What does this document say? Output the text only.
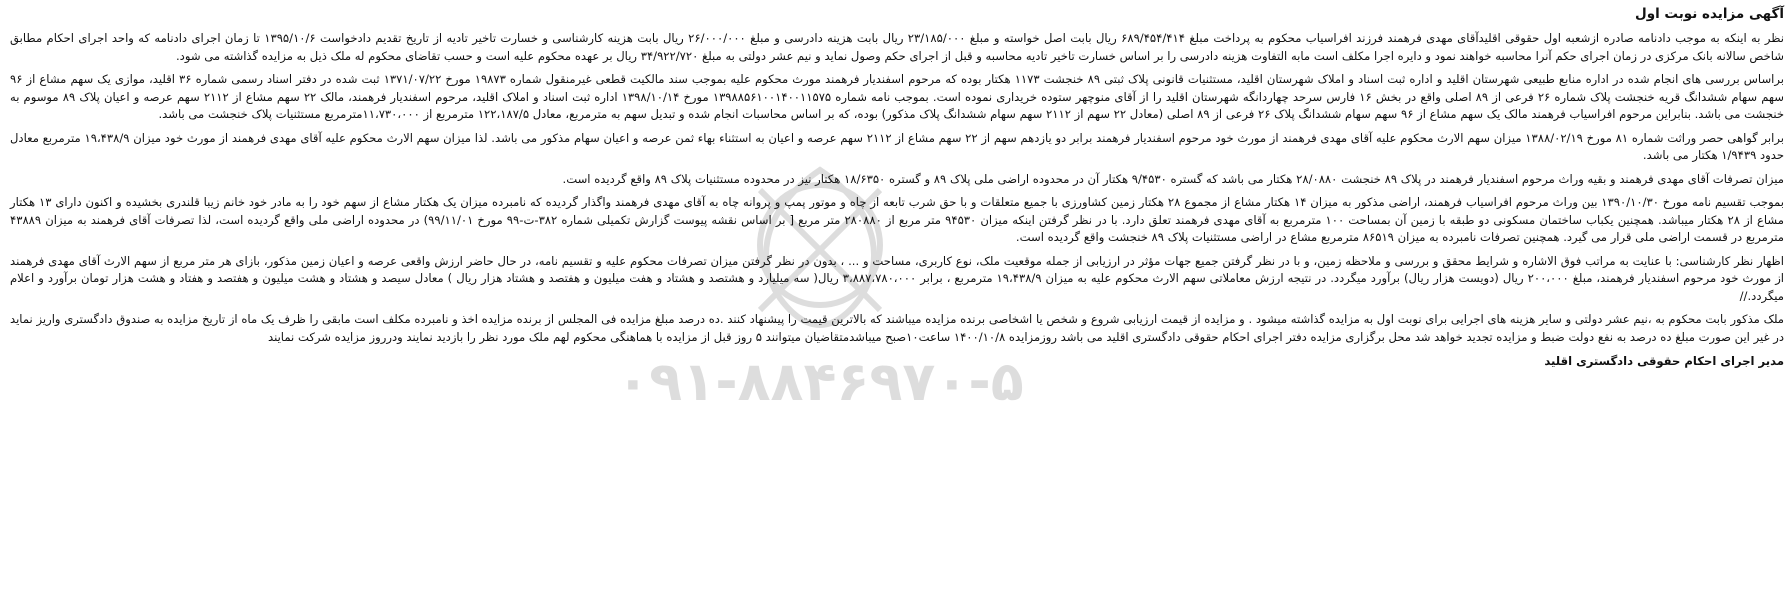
۰۹۱-۸۸۴۶۹۷۰-۵
آگهی مزایده نوبت اول

نظر به اینکه به موجب دادنامه صادره ازشعبه اول حقوقی اقلیدآقای مهدی فرهمند فرزند افراسیاب محکوم به پرداخت مبلغ ۶۸۹/۴۵۴/۴۱۴ ریال بابت اصل خواسته و مبلغ ۲۳/۱۸۵/۰۰۰ ریال بابت هزینه دادرسی و مبلغ ۲۶/۰۰۰/۰۰۰ ریال بابت هزینه کارشناسی و خسارت تاخیر تادیه از تاریخ تقدیم دادخواست ۱۳۹۵/۱۰/۶ تا زمان اجرای دادنامه که واحد اجرای احکام مطابق شاخص سالانه بانک مرکزی در زمان اجرای حکم آنرا محاسبه خواهند نمود و دایره اجرا مکلف است مابه التفاوت هزینه دادرسی را بر اساس خسارت تاخیر تادیه محاسبه و قبل از اجرای حکم وصول نماید و نیم عشر دولتی به مبلغ ۳۴/۹۲۲/۷۲۰ ریال بر عهده محکوم علیه است و حسب تقاضای محکوم له ملک ذیل به مزایده گذاشته می شود.

براساس بررسی های انجام شده در اداره منابع طبیعی شهرستان اقلید و اداره ثبت اسناد و املاک شهرستان اقلید، مستثنیات قانونی پلاک ثبتی ۸۹ خنجشت ۱۱۷۳ هکتار بوده که مرحوم اسفندیار فرهمند مورث محکوم علیه بموجب سند مالکیت قطعی غیرمنقول شماره ۱۹۸۷۳ مورخ ۱۳۷۱/۰۷/۲۲ ثبت شده در دفتر اسناد رسمی شماره ۳۶ اقلید، موازی یک سهم مشاع از ۹۶ سهم سهام ششدانگ قریه خنجشت پلاک شماره ۲۶ فرعی از ۸۹ اصلی واقع در بخش ۱۶ فارس سرحد چهاردانگه شهرستان اقلید را از آقای منوچهر ستوده خریداری نموده است. بموجب نامه شماره ۱۳۹۸۸۵۶۱۰۰۱۴۰۰۱۱۵۷۵ مورخ ۱۳۹۸/۱۰/۱۴ اداره ثبت اسناد و املاک اقلید، مرحوم اسفندیار فرهمند، مالک ۲۲ سهم مشاع از ۲۱۱۲ سهم عرصه و اعیان پلاک ۸۹ موسوم به خنجشت می باشد. بنابراین مرحوم افراسیاب فرهمند مالک یک سهم مشاع از ۹۶ سهم سهام ششدانگ پلاک ۲۶ فرعی از ۸۹ اصلی (معادل ۲۲ سهم از ۲۱۱۲ سهم سهام ششدانگ پلاک مذکور) بوده، که بر اساس محاسبات انجام شده و تبدیل سهم به مترمربع، معادل ۱۲۲،۱۸۷/۵ مترمربع از ۱۱،۷۳۰،۰۰۰مترمربع مستثنیات پلاک خنجشت می باشد.

برابر گواهی حصر وراثت شماره ۸۱ مورخ ۱۳۸۸/۰۲/۱۹ میزان سهم الارث محکوم علیه آقای مهدی فرهمند از مورث خود مرحوم اسفندیار فرهمند برابر دو یازدهم سهم از ۲۲ سهم مشاع از ۲۱۱۲ سهم عرصه و اعیان به استثناء بهاء ثمن عرصه و اعیان سهام مذکور می باشد. لذا میزان سهم الارث محکوم علیه آقای مهدی فرهمند از مورث خود میزان ۱۹،۴۳۸/۹ مترمربع معادل حدود ۱/۹۴۳۹ هکتار می باشد.

میزان تصرفات آقای مهدی فرهمند و بقیه وراث مرحوم اسفندیار فرهمند در پلاک ۸۹ خنجشت ۲۸/۰۸۸۰ هکتار می باشد که گستره ۹/۴۵۳۰ هکتار آن در محدوده اراضی ملی پلاک ۸۹ و گستره ۱۸/۶۳۵۰ هکتار نیز در محدوده مستثنیات پلاک ۸۹ واقع گردیده است.

بموجب تقسیم نامه مورخ ۱۳۹۰/۱۰/۳۰ بین وراث مرحوم افراسیاب فرهمند، اراضی مذکور به میزان ۱۴ هکتار مشاع از مجموع ۲۸ هکتار زمین کشاورزی با جمیع متعلقات و با حق شرب تابعه از چاه و موتور پمپ و پروانه چاه به آقای مهدی فرهمند واگذار گردیده که نامبرده میزان یک هکتار مشاع از سهم خود را به مادر خود خانم زیبا قلندری بخشیده و اکنون دارای ۱۳ هکتار مشاع از ۲۸ هکتار میباشد. همچنین یکباب ساختمان مسکونی دو طبقه با زمین آن بمساحت ۱۰۰ مترمربع به آقای مهدی فرهمند تعلق دارد. با در نظر گرفتن اینکه میزان ۹۴۵۳۰ متر مربع از ۲۸۰۸۸۰ متر مربع [ بر اساس نقشه پیوست گزارش تکمیلی شماره ۳۸۲-ت-۹۹ مورخ ۹۹/۱۱/۰۱) در محدوده اراضی ملی واقع گردیده است، لذا تصرفات آقای فرهمند به میزان ۴۳۸۸۹ مترمربع در قسمت اراضی ملی قرار می گیرد. همچنین تصرفات نامبرده به میزان ۸۶۵۱۹ مترمربع مشاع در اراضی مستثنیات پلاک ۸۹ خنجشت واقع گردیده است.

اظهار نظر کارشناسی: با عنایت به مراتب فوق الاشاره و شرایط محقق و بررسی و ملاحظه زمین، و با در نظر گرفتن جمیع جهات مؤثر در ارزیابی از جمله موقعیت ملک، نوع کاربری، مساحت و ... ، بدون در نظر گرفتن میزان تصرفات محکوم علیه و تقسیم نامه، در حال حاضر ارزش واقعی عرصه و اعیان زمین مذکور، بازای هر متر مربع از سهم الارث آقای مهدی فرهمند از مورث خود مرحوم اسفندیار فرهمند، مبلغ ۲۰۰،۰۰۰ ریال (دویست هزار ریال) برآورد میگردد. در نتیجه ارزش معاملاتی سهم الارث محکوم علیه به میزان ۱۹،۴۳۸/۹ مترمربع ، برابر ۳،۸۸۷،۷۸۰،۰۰۰ ریال( سه میلیارد و هشتصد و هشتاد و هفت میلیون و هفتصد و هشتاد هزار ریال ) معادل سیصد و هشتاد و هشت میلیون و هفتصد و هفتاد و هشت هزار تومان برآورد و اعلام میگردد.//

ملک مذکور بابت محکوم به ،نیم عشر دولتی و سایر هزینه های اجرایی برای نوبت اول به مزایده گذاشته میشود . و مزایده از قیمت ارزیابی شروع و شخص یا اشخاصی برنده مزایده میباشند که بالاترین قیمت را پیشنهاد کنند .ده درصد مبلغ مزایده فی المجلس از برنده مزایده اخذ و نامبرده مکلف است مابقی را ظرف یک ماه از تاریخ مزایده به صندوق دادگستری واریز نماید در غیر این صورت مبلغ ده درصد به نفع دولت ضبط و مزایده تجدید خواهد شد محل برگزاری مزایده دفتر اجرای احکام حقوقی دادگستری اقلید می باشد روزمزایده ۱۴۰۰/۱۰/۸ ساعت۱۰صبح میباشدمتقاضیان میتوانند ۵ روز قبل از مزایده با هماهنگی محکوم لهم ملک مورد نظر را بازدید نمایند ودرروز مزایده شرکت نمایند

مدیر اجرای احکام حقوقی دادگستری اقلید
